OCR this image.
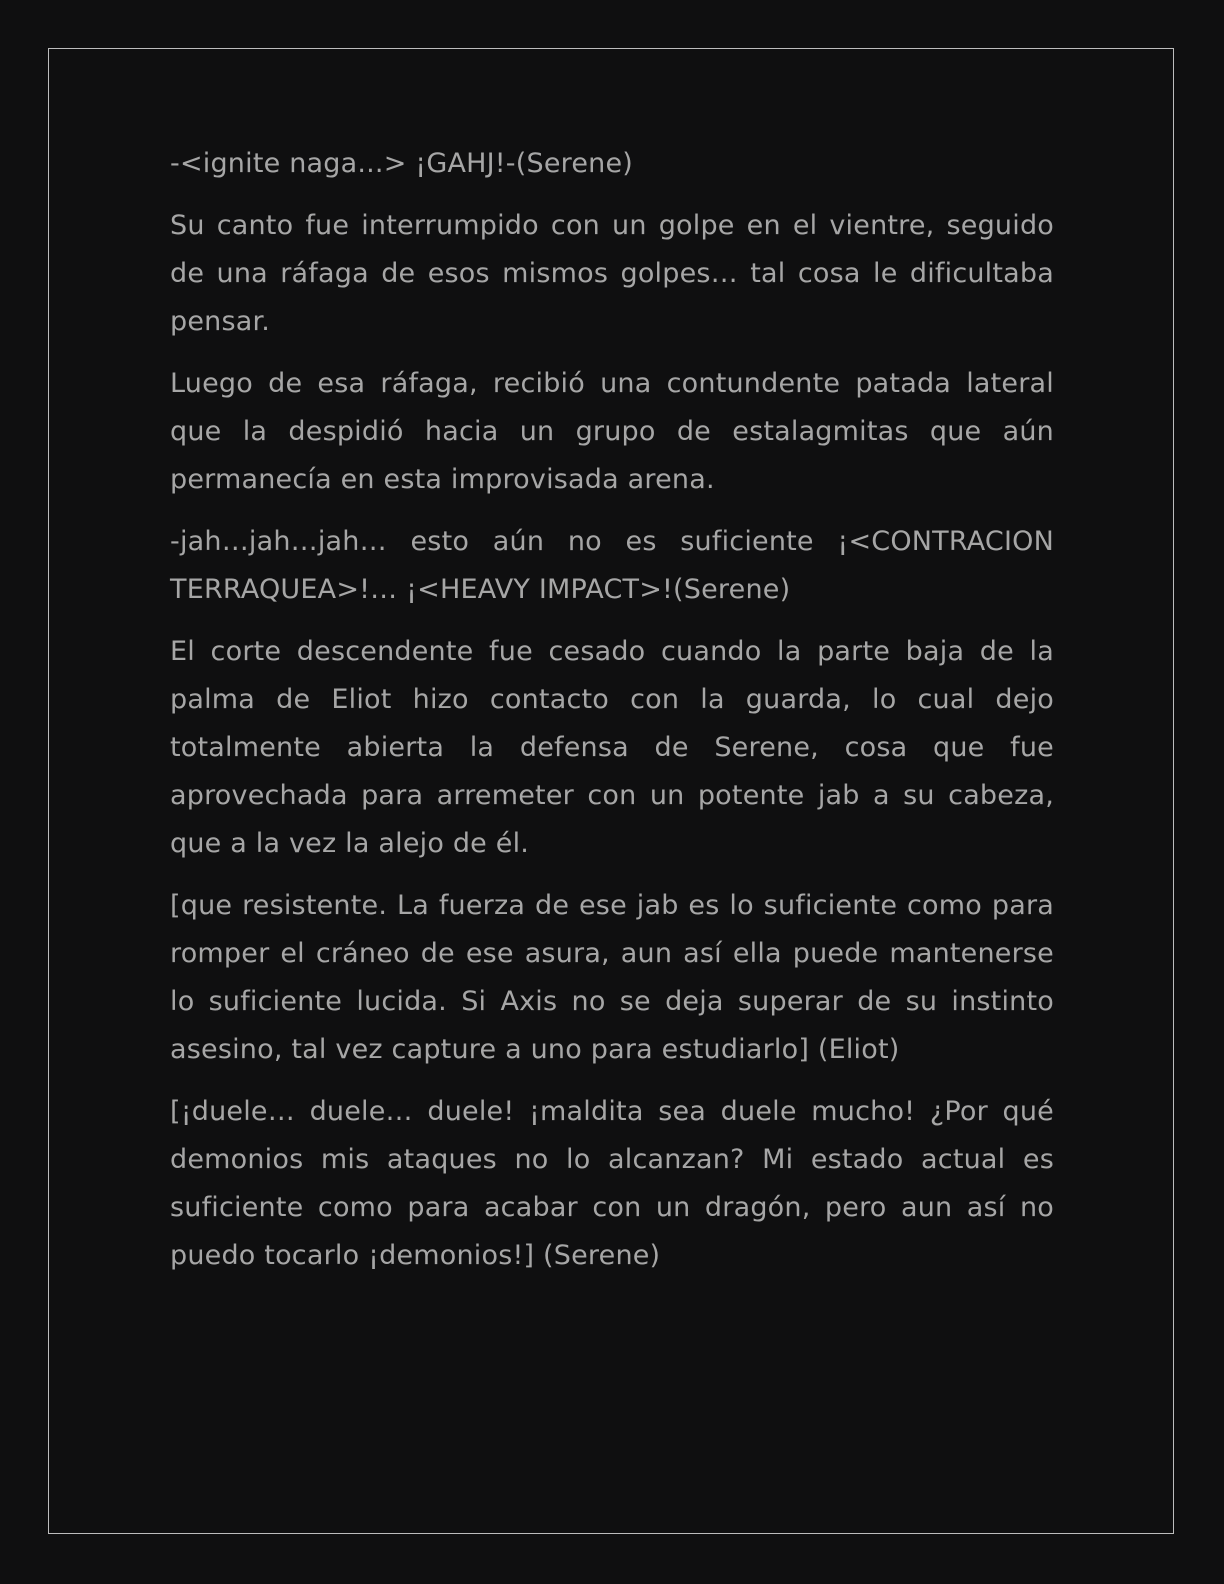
-<ignite naga...> ¡GAHJ!-(Serene)

Su canto fue interrumpido con un golpe en el vientre, seguido de una ráfaga de esos mismos golpes… tal cosa le dificultaba pensar.

Luego de esa ráfaga, recibió una contundente patada lateral que la despidió hacia un grupo de estalagmitas que aún permanecía en esta improvisada arena.

-jah…jah…jah… esto aún no es suficiente ¡<CONTRACION TERRAQUEA>!… ¡<HEAVY IMPACT>!(Serene)

El corte descendente fue cesado cuando la parte baja de la palma de Eliot hizo contacto con la guarda, lo cual dejo totalmente abierta la defensa de Serene, cosa que fue aprovechada para arremeter con un potente jab a su cabeza, que a la vez la alejo de él.

[que resistente. La fuerza de ese jab es lo suficiente como para romper el cráneo de ese asura, aun así ella puede mantenerse lo suficiente lucida. Si Axis no se deja superar de su instinto asesino, tal vez capture a uno para estudiarlo] (Eliot)

[¡duele… duele… duele! ¡maldita sea duele mucho! ¿Por qué demonios mis ataques no lo alcanzan? Mi estado actual es suficiente como para acabar con un dragón, pero aun así no puedo tocarlo ¡demonios!] (Serene)
